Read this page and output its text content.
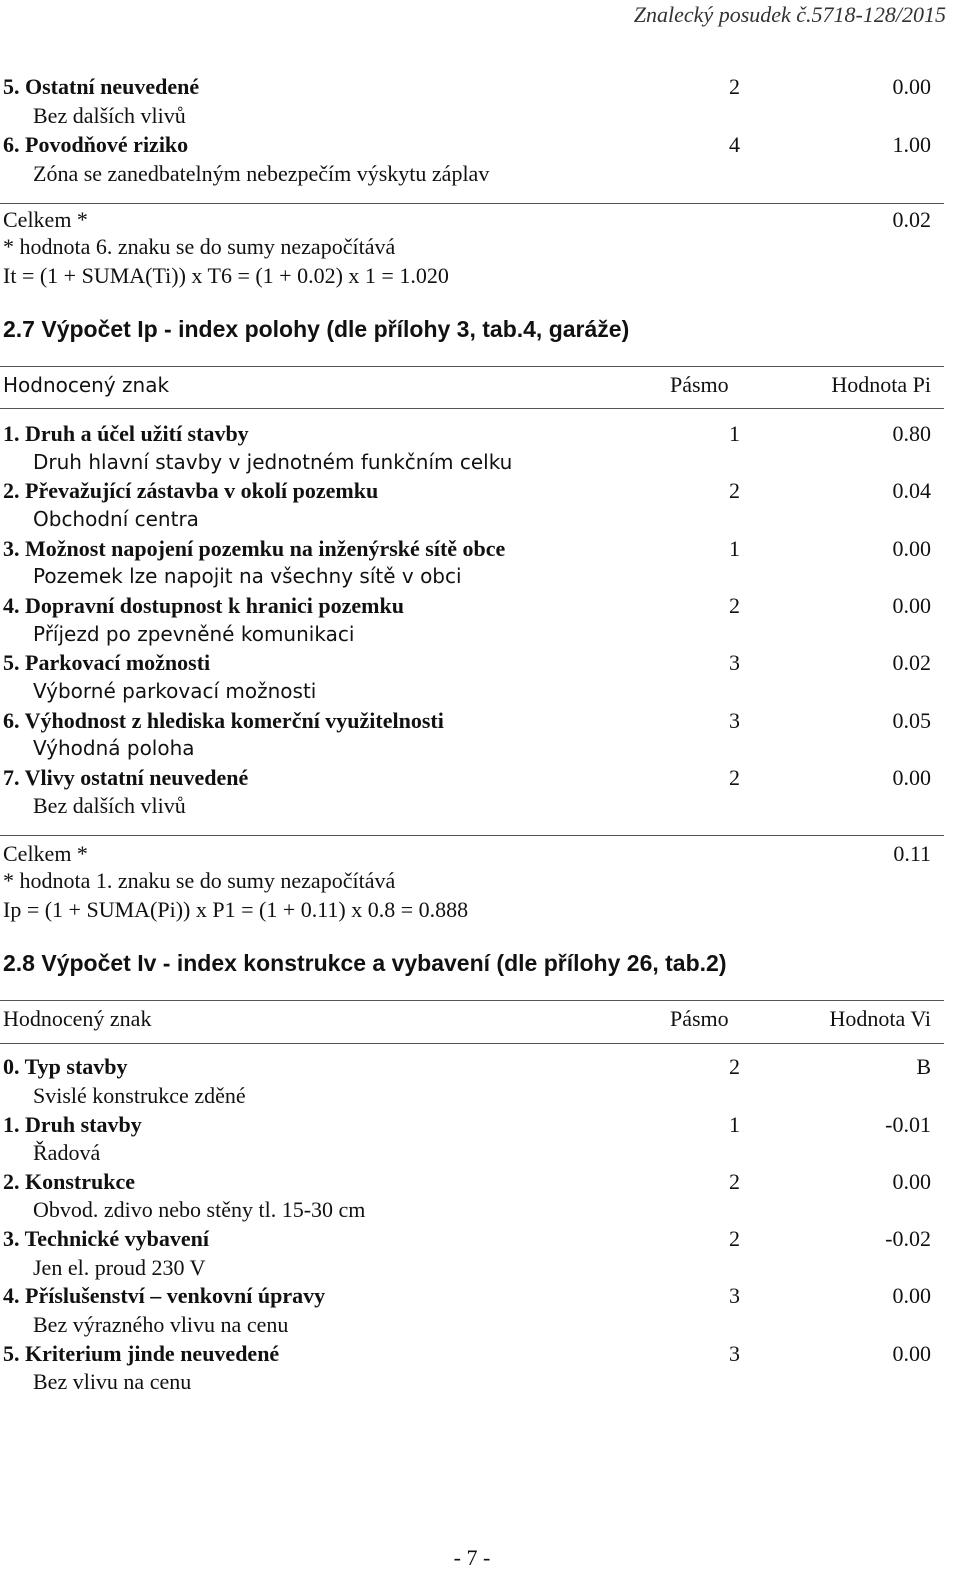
Znalecký posudek č.5718-128/2015
5. Ostatní neuvedené	2	0.00
Bez dalších vlivů
6. Povodňové riziko	4	1.00
Zóna se zanedbatelným nebezpečím výskytu záplav
Celkem *	0.02
* hodnota 6. znaku se do sumy nezapočítává
It = (1 + SUMA(Ti)) x T6 = (1 + 0.02) x 1 = 1.020
2.7 Výpočet Ip - index polohy (dle přílohy 3, tab.4, garáže)
Hodnocený znak	Pásmo	Hodnota Pi
1. Druh a účel užití stavby	1	0.80
Druh hlavní stavby v jednotném funkčním celku
2. Převažující zástavba v okolí pozemku	2	0.04
Obchodní centra
3. Možnost napojení pozemku na inženýrské sítě obce	1	0.00
Pozemek lze napojit na všechny sítě v obci
4. Dopravní dostupnost k hranici pozemku	2	0.00
Příjezd po zpevněné komunikaci
5. Parkovací možnosti	3	0.02
Výborné parkovací možnosti
6. Výhodnost z hlediska komerční využitelnosti	3	0.05
Výhodná poloha
7. Vlivy ostatní neuvedené	2	0.00
Bez dalších vlivů
Celkem *	0.11
* hodnota 1. znaku se do sumy nezapočítává
Ip = (1 + SUMA(Pi)) x P1 = (1 + 0.11) x 0.8 = 0.888
2.8 Výpočet Iv - index konstrukce a vybavení (dle přílohy 26, tab.2)
Hodnocený znak	Pásmo	Hodnota Vi
0. Typ stavby	2	B
Svislé konstrukce zděné
1. Druh stavby	1	-0.01
Řadová
2. Konstrukce	2	0.00
Obvod. zdivo nebo stěny tl. 15-30 cm
3. Technické vybavení	2	-0.02
Jen el. proud 230 V
4. Příslušenství – venkovní úpravy	3	0.00
Bez výrazného vlivu na cenu
5. Kriterium jinde neuvedené	3	0.00
Bez vlivu na cenu
- 7 -
